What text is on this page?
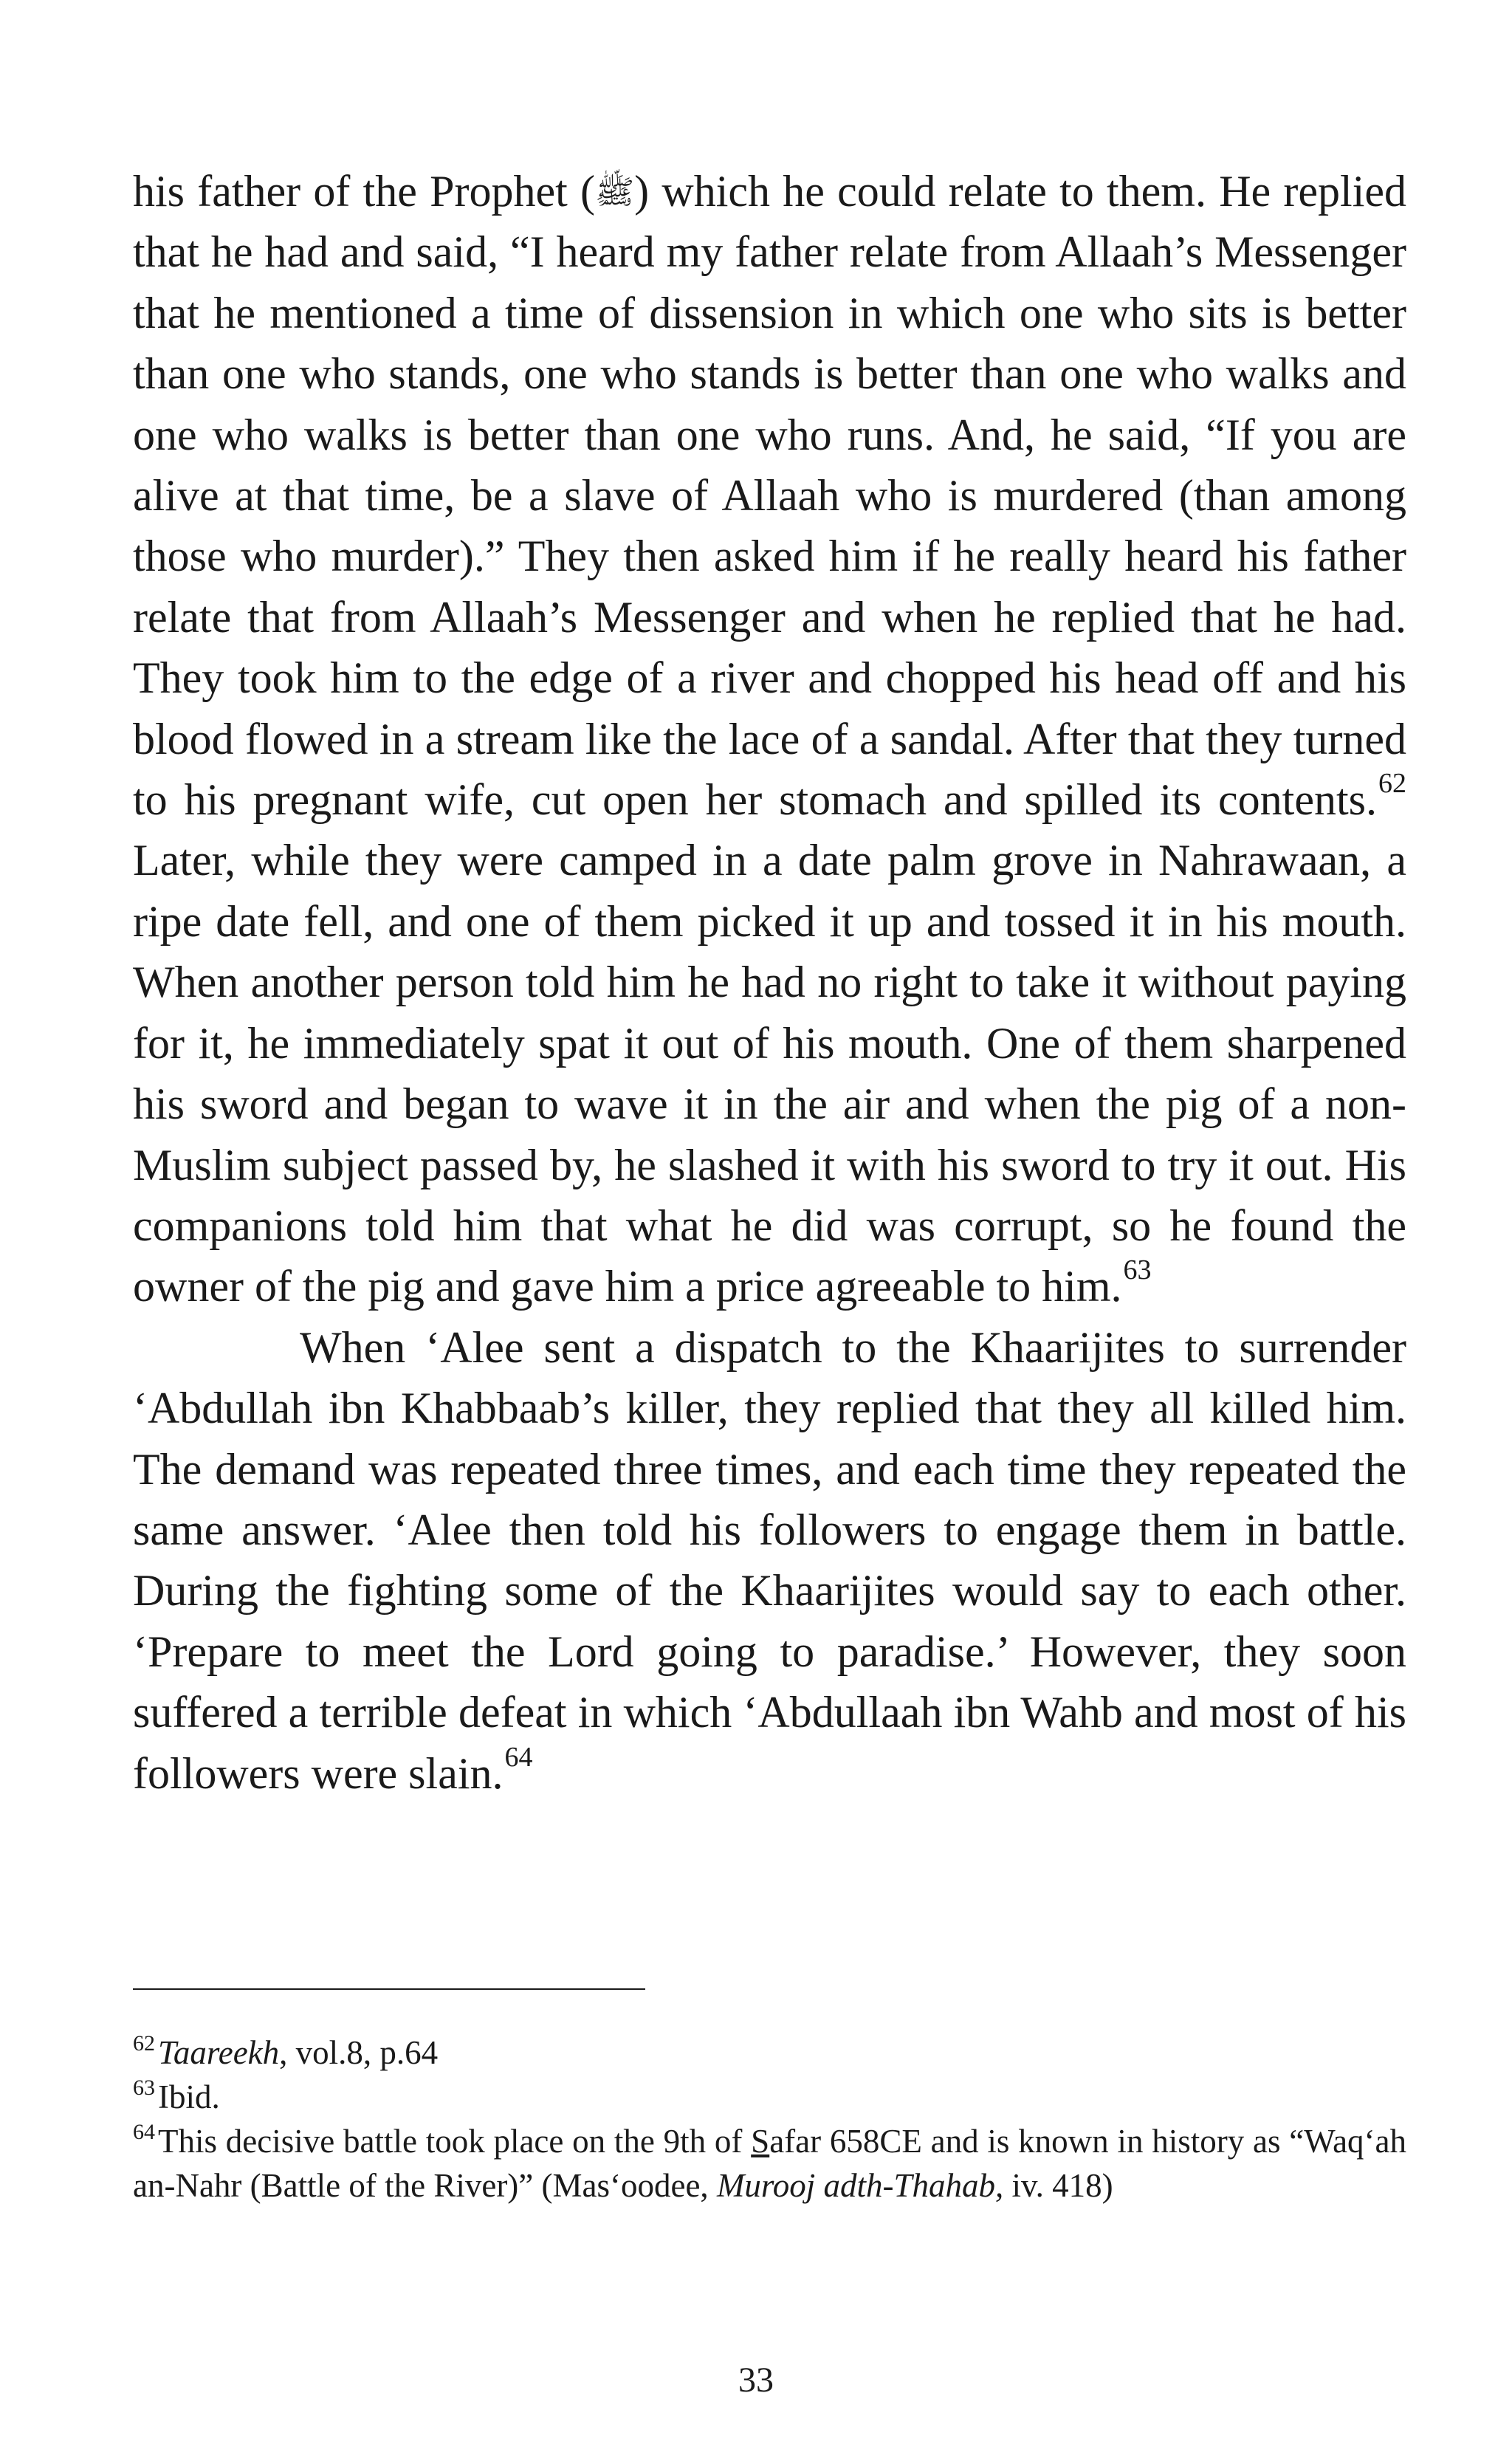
his father of the Prophet (ﷺ) which he could relate to them. He replied that he had and said, “I heard my father relate from Allaah’s Messenger that he mentioned a time of dissension in which one who sits is better than one who stands, one who stands is better than one who walks and one who walks is better than one who runs. And, he said, “If you are alive at that time, be a slave of Allaah who is murdered (than among those who murder).” They then asked him if he really heard his father relate that from Allaah’s Messenger and when he replied that he had. They took him to the edge of a river and chopped his head off and his blood flowed in a stream like the lace of a sandal. After that they turned to his pregnant wife, cut open her stomach and spilled its contents.$^{62}$ Later, while they were camped in a date palm grove in Nahrawaan, a ripe date fell, and one of them picked it up and tossed it in his mouth. When another person told him he had no right to take it without paying for it, he immediately spat it out of his mouth. One of them sharpened his sword and began to wave it in the air and when the pig of a non-Muslim subject passed by, he slashed it with his sword to try it out. His companions told him that what he did was corrupt, so he found the owner of the pig and gave him a price agreeable to him.$^{63}$

When ‘Alee sent a dispatch to the Khaarijites to surrender ‘Abdullah ibn Khabbaab’s killer, they replied that they all killed him. The demand was repeated three times, and each time they repeated the same answer. ‘Alee then told his followers to engage them in battle. During the fighting some of the Khaarijites would say to each other. ‘Prepare to meet the Lord going to paradise.’ However, they soon suffered a terrible defeat in which ‘Abdullaah ibn Wahb and most of his followers were slain.$^{64}$

$^{62}$Taareekh, vol.8, p.64

$^{63}$Ibid.

$^{64}$This decisive battle took place on the 9th of Safar 658CE and is known in history as “Waq‘ah an-Nahr (Battle of the River)” (Mas‘oodee, Murooj adth-Thahab, iv. 418)

33
